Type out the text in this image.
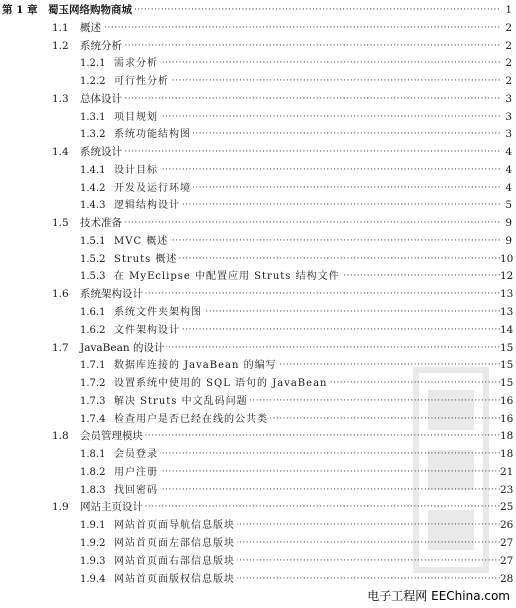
第 1 章 ····· 蜀玉网络购物商城	1
1.1 ····· 概述	2
1.2 ····· 系统分析	2
1.2.1 ····· 需求分析	2
1.2.2 ····· 可行性分析	2
1.3 ····· 总体设计	3
1.3.1 ····· 项目规划	3
1.3.2 ····· 系统功能结构图	3
1.4 ····· 系统设计	4
1.4.1 ····· 设计目标	4
1.4.2 ····· 开发及运行环境	4
1.4.3 ····· 逻辑结构设计	5
1.5 ····· 技术准备	9
1.5.1 ····· MVC 概述	9
1.5.2 ····· Struts 概述	10
1.5.3 ····· 在 MyEclipse 中配置应用 Struts 结构文件	12
1.6 ····· 系统架构设计	13
1.6.1 ····· 系统文件夹架构图	13
1.6.2 ····· 文件架构设计	14
1.7 ····· JavaBean 的设计	15
1.7.1 ····· 数据库连接的 JavaBean 的编写	15
1.7.2 ····· 设置系统中使用的 SQL 语句的 JavaBean	15
1.7.3 ····· 解决 Struts 中文乱码问题	16
1.7.4 ····· 检查用户是否已经在线的公共类	16
1.8 ····· 会员管理模块	18
1.8.1 ····· 会员登录	18
1.8.2 ····· 用户注册	21
1.8.3 ····· 找回密码	23
1.9 ····· 网站主页设计	25
1.9.1 ····· 网站首页面导航信息版块	26
1.9.2 ····· 网站首页面左部信息版块	27
1.9.3 ····· 网站首页面右部信息版块	27
1.9.4 ····· 网站首页面版权信息版块	28
电子工程网 EEChina.com
